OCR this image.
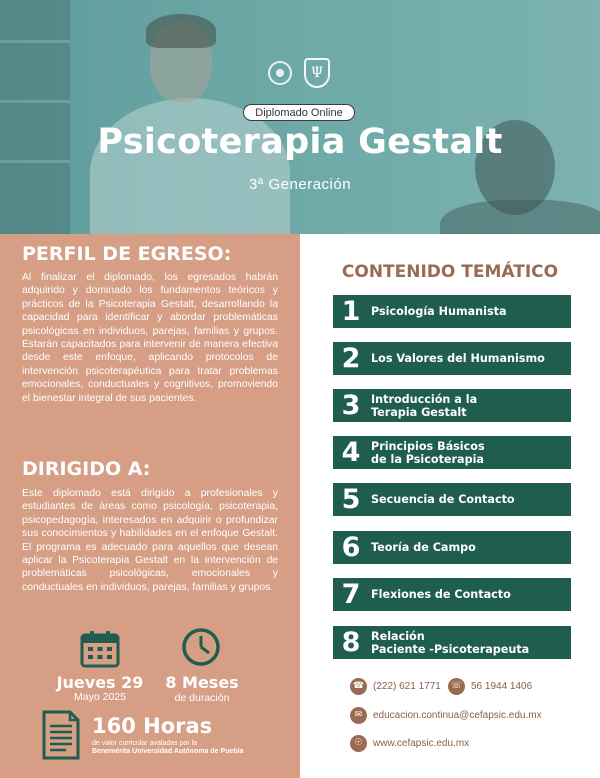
Ψ
Diplomado Online
Psicoterapia Gestalt
3ª Generación
PERFIL DE EGRESO:
Al finalizar el diplomado, los egresados habrán adquirido y dominado los fundamentos teóricos y prácticos de la Psicoterapia Gestalt, desarrollando la capacidad para identificar y abordar problemáticas psicológicas en individuos, parejas, familias y grupos. Estarán capacitados para intervenir de manera efectiva desde este enfoque, aplicando protocolos de intervención psicoterapéutica para tratar problemas emocionales, conductuales y cognitivos, promoviendo el bienestar integral de sus pacientes.
DIRIGIDO A:
Este diplomado está dirigido a profesionales y estudiantes de áreas como psicología, psicoterapia, psicopedagogía, interesados en adquirir o profundizar sus conocimientos y habilidades en el enfoque Gestalt. El programa es adecuado para aquellos que desean aplicar la Psicoterapia Gestalt en la intervención de problemáticas psicológicas, emocionales y conductuales en individuos, parejas, familias y grupos.
Jueves 29
Mayo 2025
8 Meses
de duración
160 Horas
de valor curricular avaladas por la
Benemérita Universidad Autónoma de Puebla
CONTENIDO TEMÁTICO
1 Psicología Humanista
2 Los Valores del Humanismo
3 Introducción a la
Terapia Gestalt
4 Principios Básicos
de la Psicoterapia
5 Secuencia de Contacto
6 Teoría de Campo
7 Flexiones de Contacto
8 Relación
Paciente -Psicoterapeuta
☎ (222) 621 1771	☏ 56 1944 1406
✉	educacion.continua@cefapsic.edu.mx
☉	www.cefapsic.edu.mx
